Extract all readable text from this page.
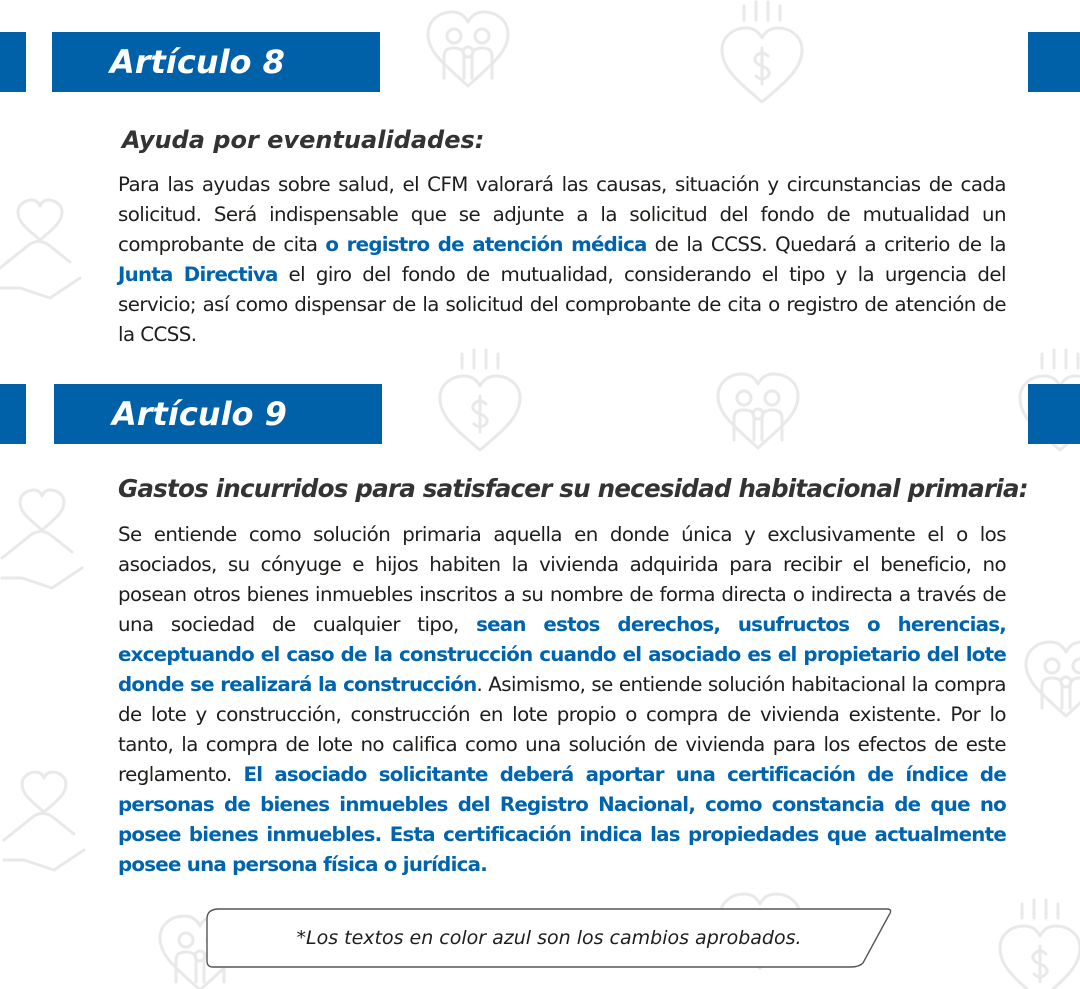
Artículo 8
Ayuda por eventualidades:

Para las ayudas sobre salud, el CFM valorará las causas, situación y circunstancias de cada solicitud. Será indispensable que se adjunte a la solicitud del fondo de mutualidad un comprobante de cita o registro de atención médica de la CCSS. Quedará a criterio de la Junta Directiva el giro del fondo de mutualidad, considerando el tipo y la urgencia del servicio; así como dispensar de la solicitud del comprobante de cita o registro de atención de la CCSS.

Artículo 9
Gastos incurridos para satisfacer su necesidad habitacional primaria:

Se entiende como solución primaria aquella en donde única y exclusivamente el o los asociados, su cónyuge e hijos habiten la vivienda adquirida para recibir el beneficio, no posean otros bienes inmuebles inscritos a su nombre de forma directa o indirecta a través de una sociedad de cualquier tipo, sean estos derechos, usufructos o herencias, exceptuando el caso de la construcción cuando el asociado es el propietario del lote donde se realizará la construcción. Asimismo, se entiende solución habitacional la compra de lote y construcción, construcción en lote propio o compra de vivienda existente. Por lo tanto, la compra de lote no califica como una solución de vivienda para los efectos de este reglamento. El asociado solicitante deberá aportar una certificación de índice de personas de bienes inmuebles del Registro Nacional, como constancia de que no posee bienes inmuebles. Esta certificación indica las propiedades que actualmente posee una persona física o jurídica.

*Los textos en color azul son los cambios aprobados.
